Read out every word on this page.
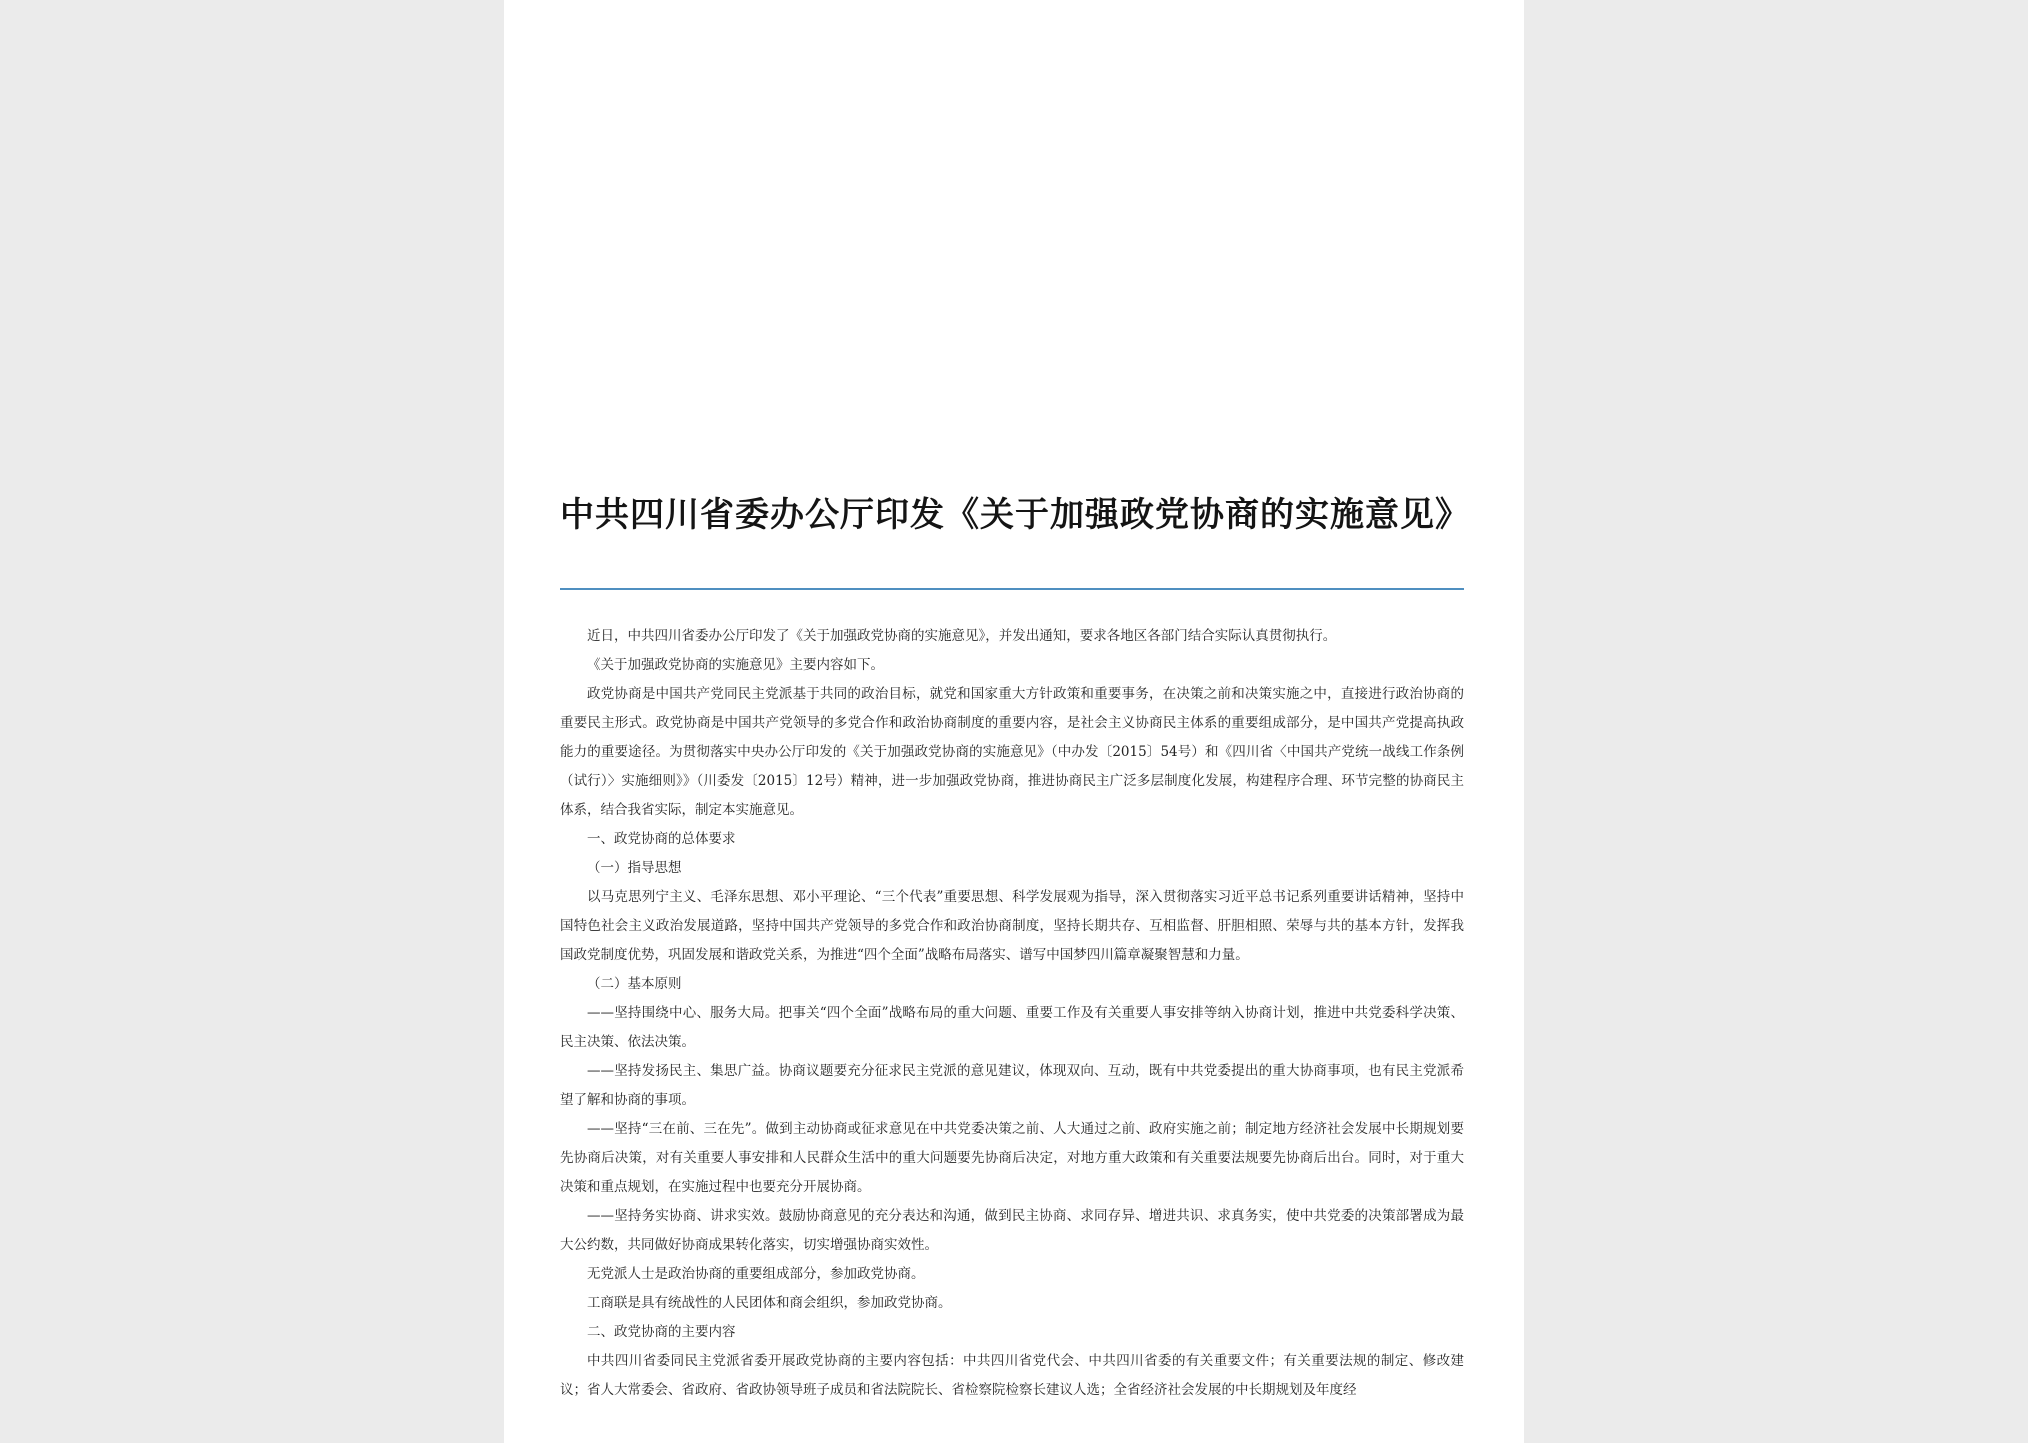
中共四川省委办公厅印发《关于加强政党协商的实施意见》

近日，中共四川省委办公厅印发了《关于加强政党协商的实施意见》，并发出通知，要求各地区各部门结合实际认真贯彻执行。

《关于加强政党协商的实施意见》主要内容如下。

政党协商是中国共产党同民主党派基于共同的政治目标，就党和国家重大方针政策和重要事务，在决策之前和决策实施之中，直接进行政治协商的重要民主形式。政党协商是中国共产党领导的多党合作和政治协商制度的重要内容，是社会主义协商民主体系的重要组成部分，是中国共产党提高执政能力的重要途径。为贯彻落实中央办公厅印发的《关于加强政党协商的实施意见》（中办发〔2015〕54号）和《四川省〈中国共产党统一战线工作条例（试行）〉实施细则》》（川委发〔2015〕12号）精神，进一步加强政党协商，推进协商民主广泛多层制度化发展，构建程序合理、环节完整的协商民主体系，结合我省实际，制定本实施意见。

一、政党协商的总体要求

（一）指导思想

以马克思列宁主义、毛泽东思想、邓小平理论、“三个代表”重要思想、科学发展观为指导，深入贯彻落实习近平总书记系列重要讲话精神，坚持中国特色社会主义政治发展道路，坚持中国共产党领导的多党合作和政治协商制度，坚持长期共存、互相监督、肝胆相照、荣辱与共的基本方针，发挥我国政党制度优势，巩固发展和谐政党关系，为推进“四个全面”战略布局落实、谱写中国梦四川篇章凝聚智慧和力量。

（二）基本原则

——坚持围绕中心、服务大局。把事关“四个全面”战略布局的重大问题、重要工作及有关重要人事安排等纳入协商计划，推进中共党委科学决策、民主决策、依法决策。

——坚持发扬民主、集思广益。协商议题要充分征求民主党派的意见建议，体现双向、互动，既有中共党委提出的重大协商事项，也有民主党派希望了解和协商的事项。

——坚持“三在前、三在先”。做到主动协商或征求意见在中共党委决策之前、人大通过之前、政府实施之前；制定地方经济社会发展中长期规划要先协商后决策，对有关重要人事安排和人民群众生活中的重大问题要先协商后决定，对地方重大政策和有关重要法规要先协商后出台。同时，对于重大决策和重点规划，在实施过程中也要充分开展协商。

——坚持务实协商、讲求实效。鼓励协商意见的充分表达和沟通，做到民主协商、求同存异、增进共识、求真务实，使中共党委的决策部署成为最大公约数，共同做好协商成果转化落实，切实增强协商实效性。

无党派人士是政治协商的重要组成部分，参加政党协商。

工商联是具有统战性的人民团体和商会组织，参加政党协商。

二、政党协商的主要内容

中共四川省委同民主党派省委开展政党协商的主要内容包括：中共四川省党代会、中共四川省委的有关重要文件；有关重要法规的制定、修改建议；省人大常委会、省政府、省政协领导班子成员和省法院院长、省检察院检察长建议人选；全省经济社会发展的中长期规划及年度经
